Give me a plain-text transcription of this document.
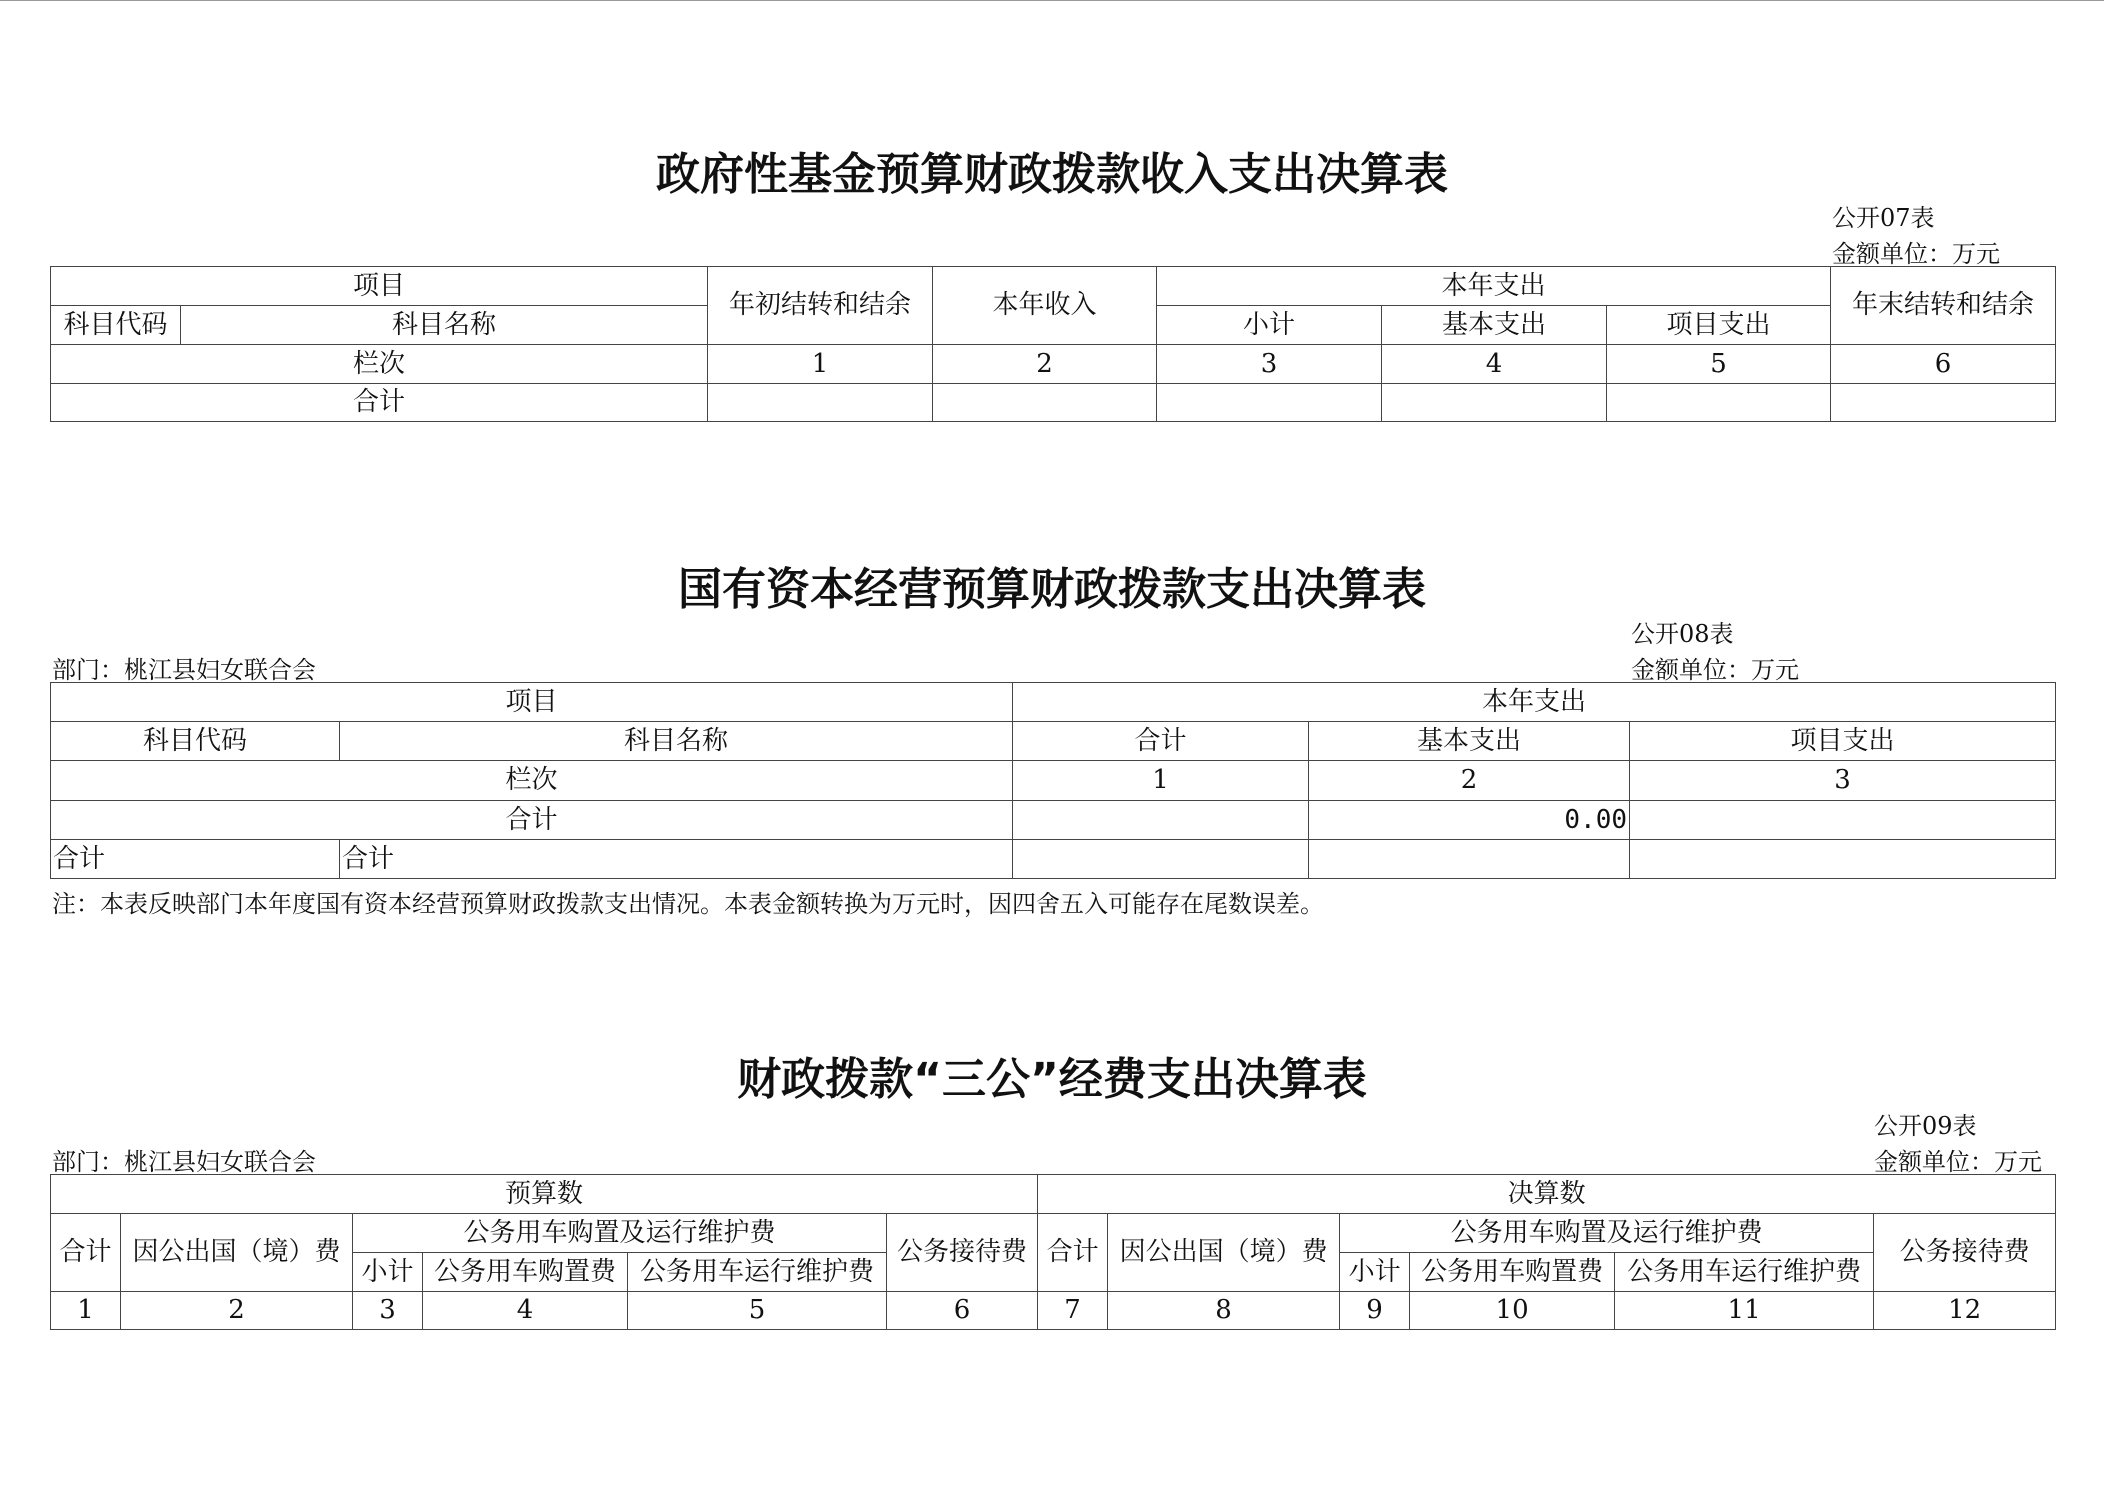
政府性基金预算财政拨款收入支出决算表
公开07表
金额单位：万元
项目		年初结转和结余	本年收入	本年支出			年末结转和结余
科目代码	科目名称			小计	基本支出	项目支出	
栏次		1	2	3	4	5	6
合计							
国有资本经营预算财政拨款支出决算表
公开08表
部门：桃江县妇女联合会	金额单位：万元
项目		本年支出		
科目代码	科目名称	合计	基本支出	项目支出
栏次		1	2	3
合计			0.00	
合计	合计			
注：本表反映部门本年度国有资本经营预算财政拨款支出情况。本表金额转换为万元时，因四舍五入可能存在尾数误差。
财政拨款“三公”经费支出决算表
公开09表
部门：桃江县妇女联合会	金额单位：万元
预算数						决算数					
合计	因公出国（境）费	公务用车购置及运行维护费			公务接待费	合计	因公出国（境）费	公务用车购置及运行维护费			公务接待费
		小计	公务用车购置费	公务用车运行维护费				小计	公务用车购置费	公务用车运行维护费	
1	2	3	4	5	6	7	8	9	10	11	12
